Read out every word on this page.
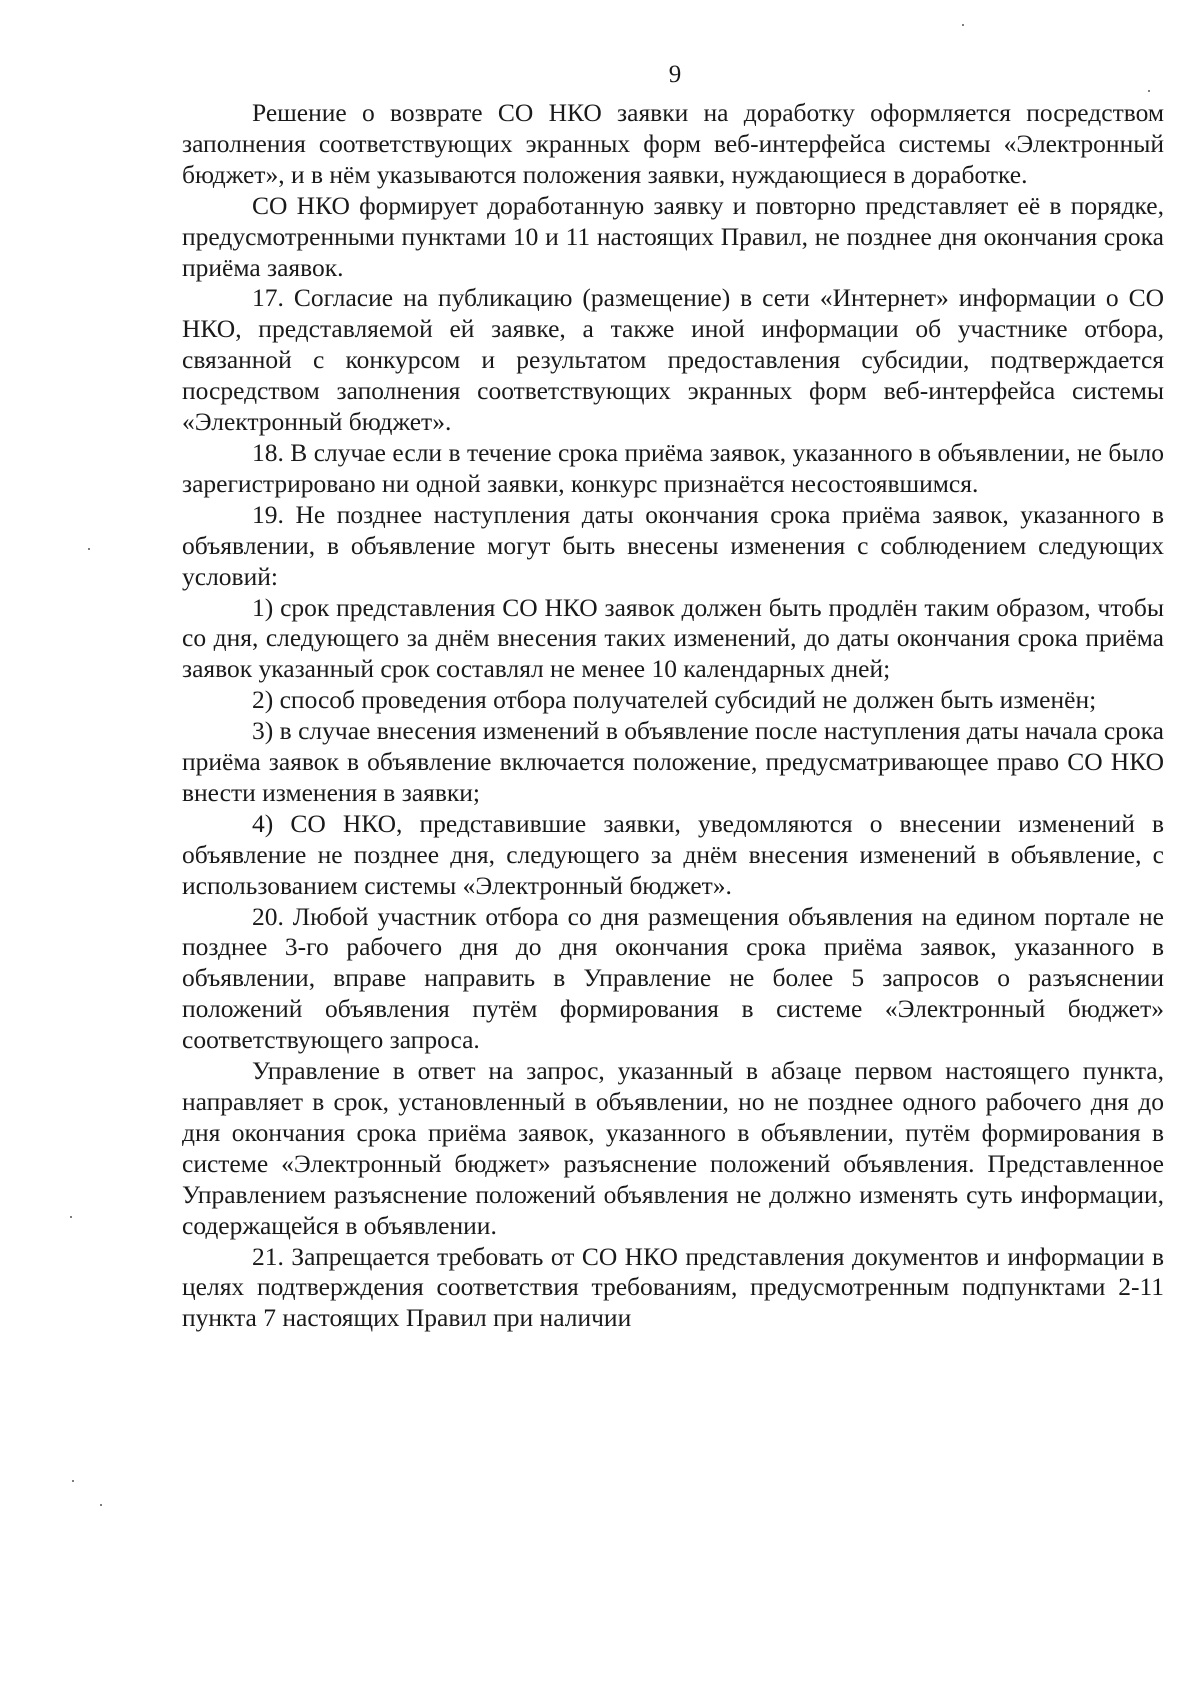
9

Решение о возврате СО НКО заявки на доработку оформляется посредством заполнения соответствующих экранных форм веб-интерфейса системы «Электронный бюджет», и в нём указываются положения заявки, нуждающиеся в доработке.

СО НКО формирует доработанную заявку и повторно представляет её в порядке, предусмотренными пунктами 10 и 11 настоящих Правил, не позднее дня окончания срока приёма заявок.

17. Согласие на публикацию (размещение) в сети «Интернет» информации о СО НКО, представляемой ей заявке, а также иной информации об участнике отбора, связанной с конкурсом и результатом предоставления субсидии, подтверждается посредством заполнения соответствующих экранных форм веб-интерфейса системы «Электронный бюджет».

18. В случае если в течение срока приёма заявок, указанного в объявлении, не было зарегистрировано ни одной заявки, конкурс признаётся несостоявшимся.

19. Не позднее наступления даты окончания срока приёма заявок, указанного в объявлении, в объявление могут быть внесены изменения с соблюдением следующих условий:

1) срок представления СО НКО заявок должен быть продлён таким образом, чтобы со дня, следующего за днём внесения таких изменений, до даты окончания срока приёма заявок указанный срок составлял не менее 10 календарных дней;

2) способ проведения отбора получателей субсидий не должен быть изменён;

3) в случае внесения изменений в объявление после наступления даты начала срока приёма заявок в объявление включается положение, предусматривающее право СО НКО внести изменения в заявки;

4) СО НКО, представившие заявки, уведомляются о внесении изменений в объявление не позднее дня, следующего за днём внесения изменений в объявление, с использованием системы «Электронный бюджет».

20. Любой участник отбора со дня размещения объявления на едином портале не позднее 3-го рабочего дня до дня окончания срока приёма заявок, указанного в объявлении, вправе направить в Управление не более 5 запросов о разъяснении положений объявления путём формирования в системе «Электронный бюджет» соответствующего запроса.

Управление в ответ на запрос, указанный в абзаце первом настоящего пункта, направляет в срок, установленный в объявлении, но не позднее одного рабочего дня до дня окончания срока приёма заявок, указанного в объявлении, путём формирования в системе «Электронный бюджет» разъяснение положений объявления. Представленное Управлением разъяснение положений объявления не должно изменять суть информации, содержащейся в объявлении.

21. Запрещается требовать от СО НКО представления документов и информации в целях подтверждения соответствия требованиям, предусмотренным подпунктами 2-11 пункта 7 настоящих Правил при наличии
